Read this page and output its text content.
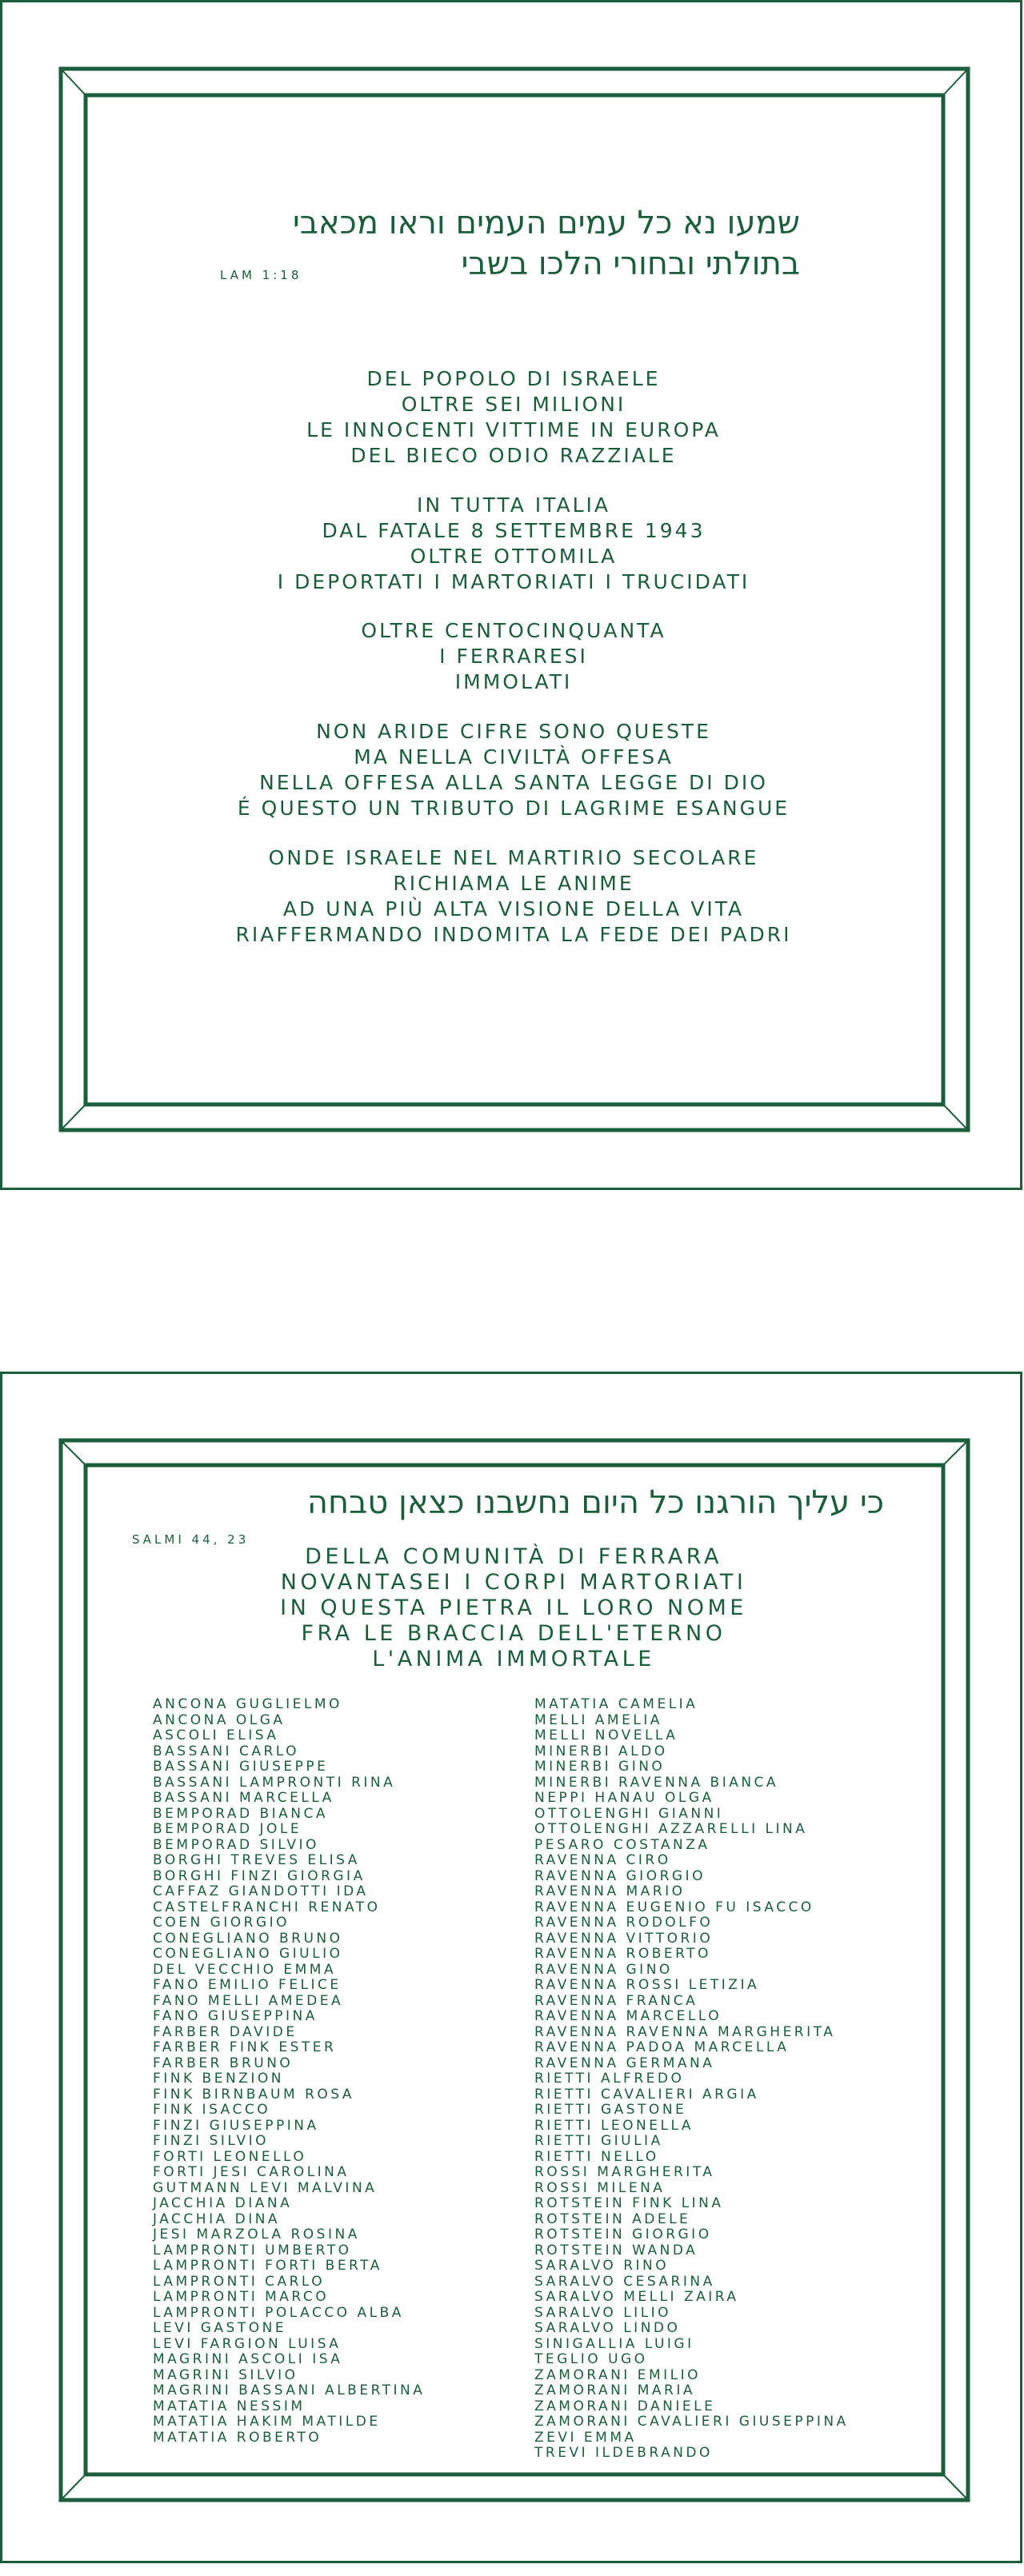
שמעו נא כל עמים העמים וראו מכאבי
בתולתי ובחורי הלכו בשבי
LAM 1:18
DEL POPOLO DI ISRAELE
OLTRE SEI MILIONI
LE INNOCENTI VITTIME IN EUROPA
DEL BIECO ODIO RAZZIALE
IN TUTTA ITALIA
DAL FATALE 8 SETTEMBRE 1943
OLTRE OTTOMILA
I DEPORTATI I MARTORIATI I TRUCIDATI
OLTRE CENTOCINQUANTA
I FERRARESI
IMMOLATI
NON ARIDE CIFRE SONO QUESTE
MA NELLA CIVILTÀ OFFESA
NELLA OFFESA ALLA SANTA LEGGE DI DIO
É QUESTO UN TRIBUTO DI LAGRIME ESANGUE
ONDE ISRAELE NEL MARTIRIO SECOLARE
RICHIAMA LE ANIME
AD UNA PIÙ ALTA VISIONE DELLA VITA
RIAFFERMANDO INDOMITA LA FEDE DEI PADRI
כי עליך הורגנו כל היום נחשבנו כצאן טבחה
SALMI 44, 23
DELLA COMUNITÀ DI FERRARA
NOVANTASEI I CORPI MARTORIATI
IN QUESTA PIETRA IL LORO NOME
FRA LE BRACCIA DELL'ETERNO
L'ANIMA IMMORTALE
ANCONA GUGLIELMO
ANCONA OLGA
ASCOLI ELISA
BASSANI CARLO
BASSANI GIUSEPPE
BASSANI LAMPRONTI RINA
BASSANI MARCELLA
BEMPORAD BIANCA
BEMPORAD JOLE
BEMPORAD SILVIO
BORGHI TREVES ELISA
BORGHI FINZI GIORGIA
CAFFAZ GIANDOTTI IDA
CASTELFRANCHI RENATO
COEN GIORGIO
CONEGLIANO BRUNO
CONEGLIANO GIULIO
DEL VECCHIO EMMA
FANO EMILIO FELICE
FANO MELLI AMEDEA
FANO GIUSEPPINA
FARBER DAVIDE
FARBER FINK ESTER
FARBER BRUNO
FINK BENZION
FINK BIRNBAUM ROSA
FINK ISACCO
FINZI GIUSEPPINA
FINZI SILVIO
FORTI LEONELLO
FORTI JESI CAROLINA
GUTMANN LEVI MALVINA
JACCHIA DIANA
JACCHIA DINA
JESI MARZOLA ROSINA
LAMPRONTI UMBERTO
LAMPRONTI FORTI BERTA
LAMPRONTI CARLO
LAMPRONTI MARCO
LAMPRONTI POLACCO ALBA
LEVI GASTONE
LEVI FARGION LUISA
MAGRINI ASCOLI ISA
MAGRINI SILVIO
MAGRINI BASSANI ALBERTINA
MATATIA NESSIM
MATATIA HAKIM MATILDE
MATATIA ROBERTO
MATATIA CAMELIA
MELLI AMELIA
MELLI NOVELLA
MINERBI ALDO
MINERBI GINO
MINERBI RAVENNA BIANCA
NEPPI HANAU OLGA
OTTOLENGHI GIANNI
OTTOLENGHI AZZARELLI LINA
PESARO COSTANZA
RAVENNA CIRO
RAVENNA GIORGIO
RAVENNA MARIO
RAVENNA EUGENIO FU ISACCO
RAVENNA RODOLFO
RAVENNA VITTORIO
RAVENNA ROBERTO
RAVENNA GINO
RAVENNA ROSSI LETIZIA
RAVENNA FRANCA
RAVENNA MARCELLO
RAVENNA RAVENNA MARGHERITA
RAVENNA PADOA MARCELLA
RAVENNA GERMANA
RIETTI ALFREDO
RIETTI CAVALIERI ARGIA
RIETTI GASTONE
RIETTI LEONELLA
RIETTI GIULIA
RIETTI NELLO
ROSSI MARGHERITA
ROSSI MILENA
ROTSTEIN FINK LINA
ROTSTEIN ADELE
ROTSTEIN GIORGIO
ROTSTEIN WANDA
SARALVO RINO
SARALVO CESARINA
SARALVO MELLI ZAIRA
SARALVO LILIO
SARALVO LINDO
SINIGALLIA LUIGI
TEGLIO UGO
ZAMORANI EMILIO
ZAMORANI MARIA
ZAMORANI DANIELE
ZAMORANI CAVALIERI GIUSEPPINA
ZEVI EMMA
TREVI ILDEBRANDO
